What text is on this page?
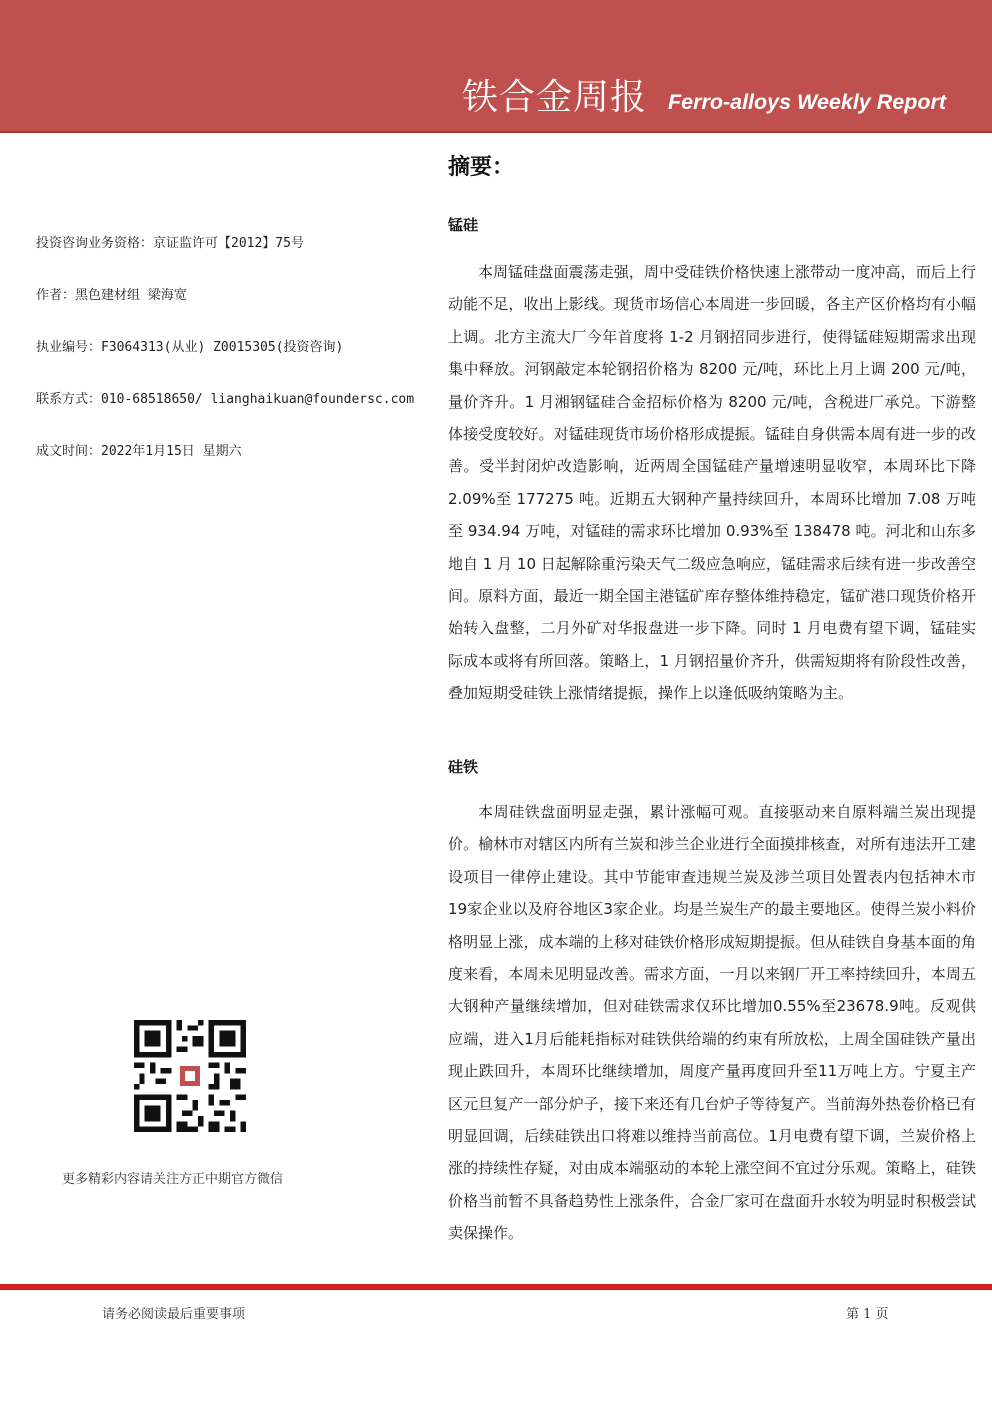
铁合金周报 Ferro-alloys Weekly Report

投资咨询业务资格：京证监许可【2012】75号

作者：黑色建材组 梁海宽

执业编号：F3064313(从业) Z0015305(投资咨询)

联系方式：010-68518650/ lianghaikuan@foundersc.com

成文时间：2022年1月15日 星期六

更多精彩内容请关注方正中期官方微信
摘要：
锰硅

本周锰硅盘面震荡走强，周中受硅铁价格快速上涨带动一度冲高，而后上行动能不足，收出上影线。现货市场信心本周进一步回暖，各主产区价格均有小幅上调。北方主流大厂今年首度将 1-2 月钢招同步进行，使得锰硅短期需求出现集中释放。河钢敲定本轮钢招价格为 8200 元/吨，环比上月上调 200 元/吨，量价齐升。1 月湘钢锰硅合金招标价格为 8200 元/吨，含税进厂承兑。下游整体接受度较好。对锰硅现货市场价格形成提振。锰硅自身供需本周有进一步的改善。受半封闭炉改造影响，近两周全国锰硅产量增速明显收窄，本周环比下降 2.09%至 177275 吨。近期五大钢种产量持续回升，本周环比增加 7.08 万吨至 934.94 万吨，对锰硅的需求环比增加 0.93%至 138478 吨。河北和山东多地自 1 月 10 日起解除重污染天气二级应急响应，锰硅需求后续有进一步改善空间。原料方面，最近一期全国主港锰矿库存整体维持稳定，锰矿港口现货价格开始转入盘整，二月外矿对华报盘进一步下降。同时 1 月电费有望下调，锰硅实际成本或将有所回落。策略上，1 月钢招量价齐升，供需短期将有阶段性改善，叠加短期受硅铁上涨情绪提振，操作上以逢低吸纳策略为主。

硅铁

本周硅铁盘面明显走强，累计涨幅可观。直接驱动来自原料端兰炭出现提价。榆林市对辖区内所有兰炭和涉兰企业进行全面摸排核查，对所有违法开工建设项目一律停止建设。其中节能审查违规兰炭及涉兰项目处置表内包括神木市19家企业以及府谷地区3家企业。均是兰炭生产的最主要地区。使得兰炭小料价格明显上涨，成本端的上移对硅铁价格形成短期提振。但从硅铁自身基本面的角度来看，本周未见明显改善。需求方面，一月以来钢厂开工率持续回升，本周五大钢种产量继续增加，但对硅铁需求仅环比增加0.55%至23678.9吨。反观供应端，进入1月后能耗指标对硅铁供给端的约束有所放松，上周全国硅铁产量出现止跌回升，本周环比继续增加，周度产量再度回升至11万吨上方。宁夏主产区元旦复产一部分炉子，接下来还有几台炉子等待复产。当前海外热卷价格已有明显回调，后续硅铁出口将难以维持当前高位。1月电费有望下调，兰炭价格上涨的持续性存疑，对由成本端驱动的本轮上涨空间不宜过分乐观。策略上，硅铁价格当前暂不具备趋势性上涨条件，合金厂家可在盘面升水较为明显时积极尝试卖保操作。

请务必阅读最后重要事项	第 1 页
